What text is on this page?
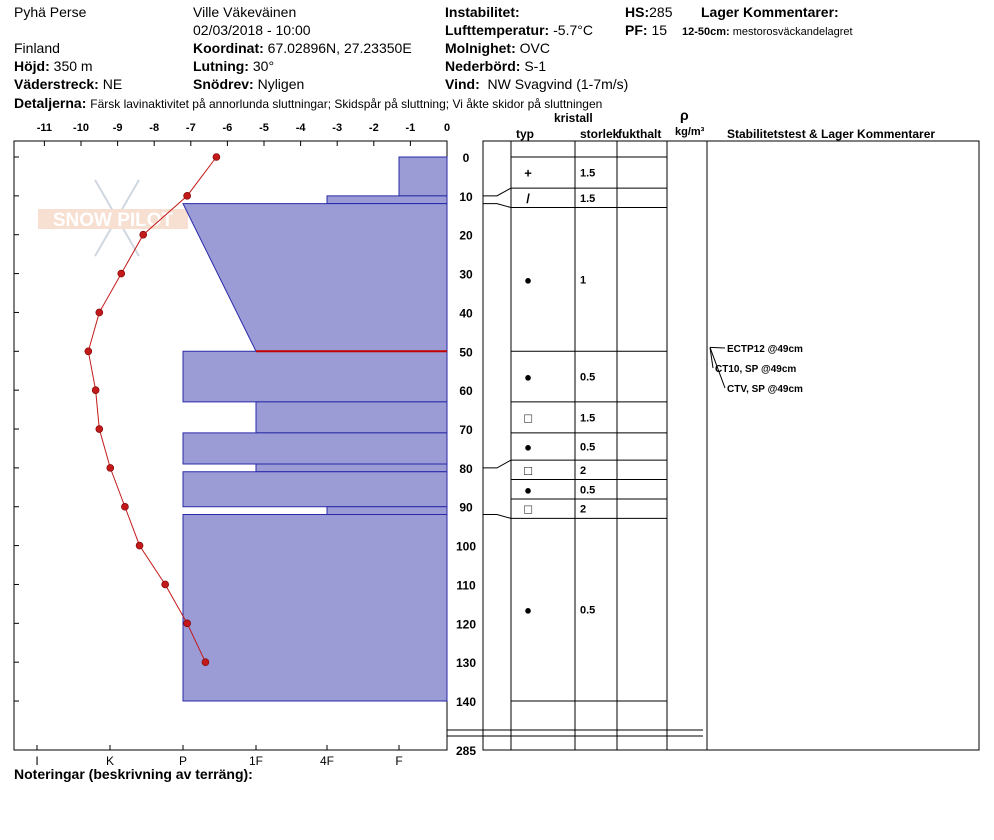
Pyhä Perse	Ville Väkeväinen
Finland
02/03/2018 - 10:00
Koordinat: 67.02896N, 27.23350E
Höjd: 350 m	Lutning: 30°
Väderstreck: NE	Snödrev: Nyligen
Detaljerna: Färsk lavinaktivitet på annorlunda sluttningar; Skidspår på sluttning; Vi åkte skidor på sluttningen
Instabilitet:
Lufttemperatur: -5.7°C
Molnighet: OVC
Nederbörd: S-1
Vind: NW Svagvind (1-7m/s)
HS:285
PF: 15
Lager Kommentarer:
12-50cm: mestorosväckandelagret
Noteringar (beskrivning av terräng):
kristall
typ	storlek
fukthalt
ρ
kg/m³ Stabilitetstest & Lager Kommentarer
SNOW PILOT
-11 -10 -9 -8 -7 -6 -5 -4 -3 -2 -1	0
I	K	P	1F	4F	F
0
10
20
30
40
50
60
70
80
90
100
110
120
130
140
285
+	1.5
/	1.5
●	1
●	0.5
□	1.5
●	0.5
□	2
●	0.5
□	2
●	0.5
ECTP12 @49cm
CT10, SP @49cm
CTV, SP @49cm
